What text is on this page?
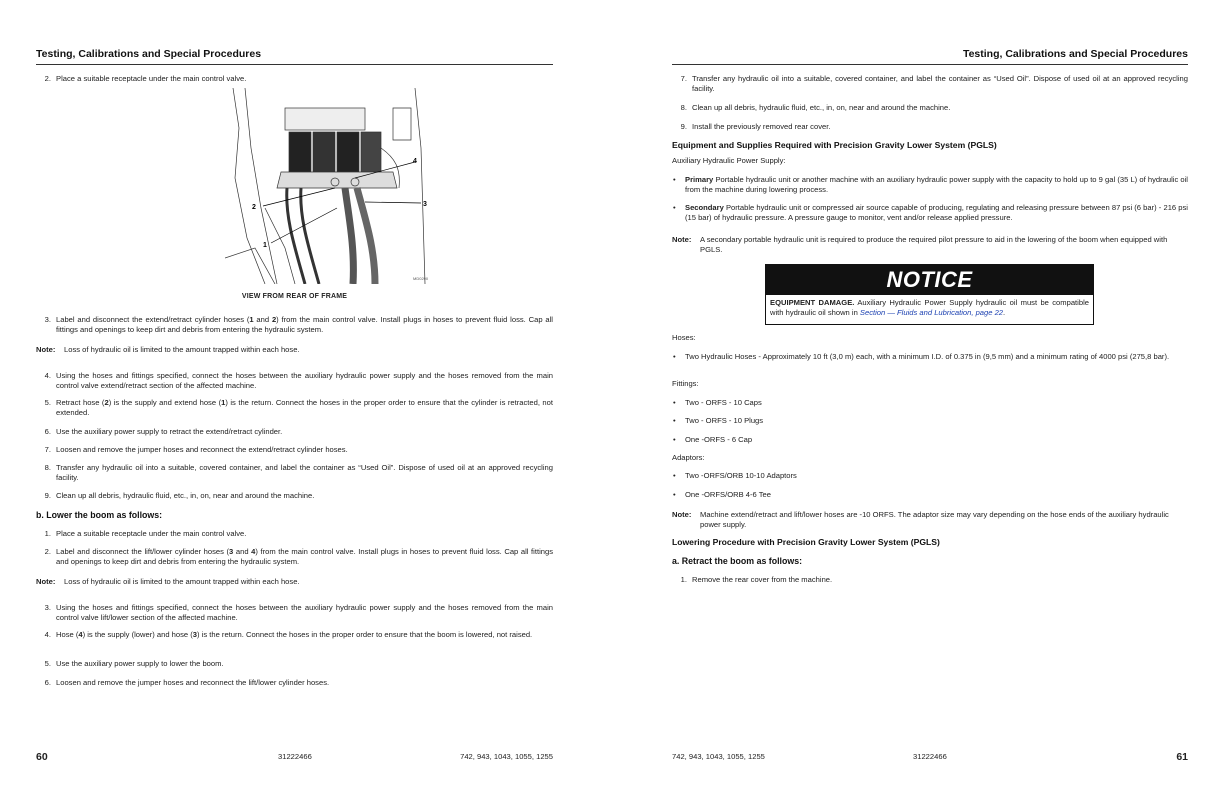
Testing, Calibrations and Special Procedures
2. Place a suitable receptacle under the main control valve.
4
2	3
1
MD0290
VIEW FROM REAR OF FRAME
3. Label and disconnect the extend/retract cylinder hoses (1 and 2) from the main control valve. Install plugs in hoses to prevent fluid loss. Cap all fittings and openings to keep dirt and debris from entering the hydraulic system.
Note: Loss of hydraulic oil is limited to the amount trapped within each hose.
4. Using the hoses and fittings specified, connect the hoses between the auxiliary hydraulic power supply and the hoses removed from the main control valve extend/retract section of the affected machine.
5. Retract hose (2) is the supply and extend hose (1) is the return. Connect the hoses in the proper order to ensure that the cylinder is retracted, not extended.
6. Use the auxiliary power supply to retract the extend/retract cylinder.
7. Loosen and remove the jumper hoses and reconnect the extend/retract cylinder hoses.
8. Transfer any hydraulic oil into a suitable, covered container, and label the container as “Used Oil”. Dispose of used oil at an approved recycling facility.
9. Clean up all debris, hydraulic fluid, etc., in, on, near and around the machine.
b. Lower the boom as follows:
1. Place a suitable receptacle under the main control valve.
2. Label and disconnect the lift/lower cylinder hoses (3 and 4) from the main control valve. Install plugs in hoses to prevent fluid loss. Cap all fittings and openings to keep dirt and debris from entering the hydraulic system.
Note: Loss of hydraulic oil is limited to the amount trapped within each hose.
3. Using the hoses and fittings specified, connect the hoses between the auxiliary hydraulic power supply and the hoses removed from the main control valve lift/lower section of the affected machine.
4. Hose (4) is the supply (lower) and hose (3) is the return. Connect the hoses in the proper order to ensure that the boom is lowered, not raised.
5. Use the auxiliary power supply to lower the boom.
6. Loosen and remove the jumper hoses and reconnect the lift/lower cylinder hoses.
60	31222466	742, 943, 1043, 1055, 1255
Testing, Calibrations and Special Procedures
7. Transfer any hydraulic oil into a suitable, covered container, and label the container as “Used Oil”. Dispose of used oil at an approved recycling facility.
8. Clean up all debris, hydraulic fluid, etc., in, on, near and around the machine.
9. Install the previously removed rear cover.
Equipment and Supplies Required with Precision Gravity Lower System (PGLS)
Auxiliary Hydraulic Power Supply:
• Primary Portable hydraulic unit or another machine with an auxiliary hydraulic power supply with the capacity to hold up to 9 gal (35 L) of hydraulic oil from the machine during lowering process.
• Secondary Portable hydraulic unit or compressed air source capable of producing, regulating and releasing pressure between 87 psi (6 bar) - 216 psi (15 bar) of hydraulic pressure. A pressure gauge to monitor, vent and/or release applied pressure.
Note: A secondary portable hydraulic unit is required to produce the required pilot pressure to aid in the lowering of the boom when equipped with PGLS.
NOTICE
EQUIPMENT DAMAGE. Auxiliary Hydraulic Power Supply hydraulic oil must be compatible with hydraulic oil shown in Section — Fluids and Lubrication, page 22.
Hoses:
• Two Hydraulic Hoses - Approximately 10 ft (3,0 m) each, with a minimum I.D. of 0.375 in (9,5 mm) and a minimum rating of 4000 psi (275,8 bar).
Fittings:
• Two - ORFS - 10 Caps
• Two - ORFS - 10 Plugs
• One -ORFS - 6 Cap
Adaptors:
• Two -ORFS/ORB 10-10 Adaptors
• One -ORFS/ORB 4-6 Tee
Note: Machine extend/retract and lift/lower hoses are -10 ORFS. The adaptor size may vary depending on the hose ends of the auxiliary hydraulic power supply.
Lowering Procedure with Precision Gravity Lower System (PGLS)
a. Retract the boom as follows:
1. Remove the rear cover from the machine.
742, 943, 1043, 1055, 1255	31222466	61
